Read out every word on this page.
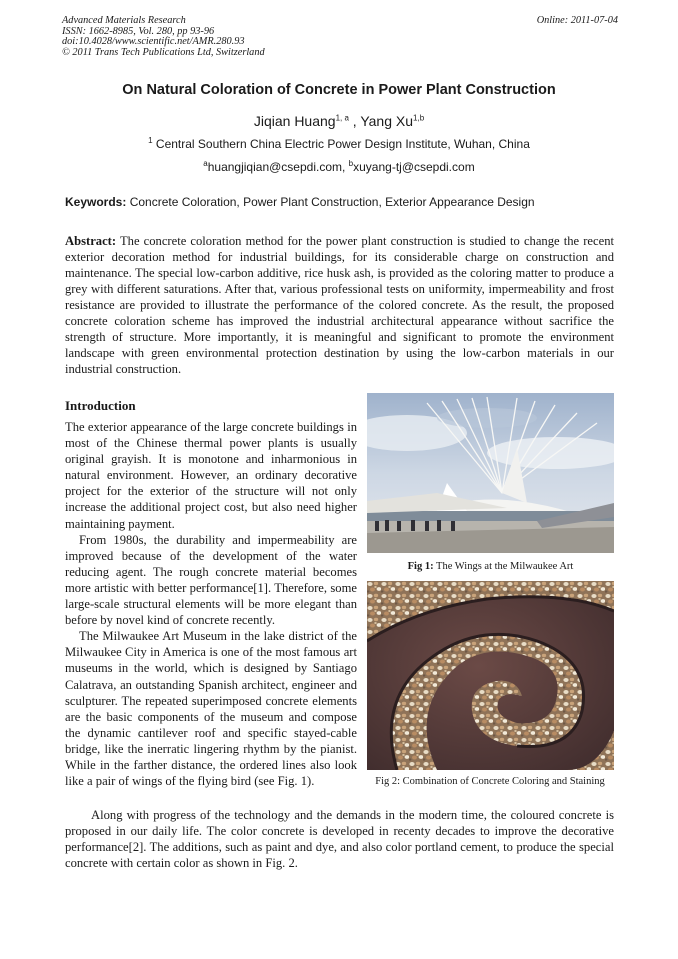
Advanced Materials Research
ISSN: 1662-8985, Vol. 280, pp 93-96
doi:10.4028/www.scientific.net/AMR.280.93
© 2011 Trans Tech Publications Ltd, Switzerland
Online: 2011-07-04
On Natural Coloration of Concrete in Power Plant Construction
Jiqian Huang$^{1, a}$ , Yang Xu$^{1,b}$
$^1$ Central Southern China Electric Power Design Institute, Wuhan, China
$^a$huangjiqian@csepdi.com, $^b$xuyang-tj@csepdi.com
Keywords: Concrete Coloration, Power Plant Construction, Exterior Appearance Design
Abstract: The concrete coloration method for the power plant construction is studied to change the recent exterior decoration method for industrial buildings, for its considerable charge on construction and maintenance. The special low-carbon additive, rice husk ash, is provided as the coloring matter to produce a grey with different saturations. After that, various professional tests on uniformity, impermeability and frost resistance are provided to illustrate the performance of the colored concrete. As the result, the proposed concrete coloration scheme has improved the industrial architectural appearance without sacrifice the strength of structure. More importantly, it is meaningful and significant to promote the environment landscape with green environmental protection destination by using the low-carbon materials in our industrial construction.
Introduction

The exterior appearance of the large concrete buildings in most of the Chinese thermal power plants is usually original grayish. It is monotone and inharmonious in natural environment. However, an ordinary decorative project for the exterior of the structure will not only increase the additional project cost, but also need higher maintaining payment.

From 1980s, the durability and impermeability are improved because of the development of the water reducing agent. The rough concrete material becomes more artistic with better performance[1]. Therefore, some large-scale structural elements will be more elegant than before by novel kind of concrete recently.

The Milwaukee Art Museum in the lake district of the Milwaukee City in America is one of the most famous art museums in the world, which is designed by Santiago Calatrava, an outstanding Spanish architect, engineer and sculpturer. The repeated superimposed concrete elements are the basic components of the museum and compose the dynamic cantilever roof and specific stayed-cable bridge, like the inerratic lingering rhythm by the pianist. While in the farther distance, the ordered lines also look like a pair of wings of the flying bird (see Fig. 1).

Along with progress of the technology and the demands in the modern time, the coloured concrete is proposed in our daily life. The color concrete is developed in recenty decades to improve the decorative performance[2]. The additions, such as paint and dye, and also color portland cement, to produce the special concrete with certain color as shown in Fig. 2.

Fig 1: The Wings at the Milwaukee Art
Fig 2: Combination of Concrete Coloring and Staining
